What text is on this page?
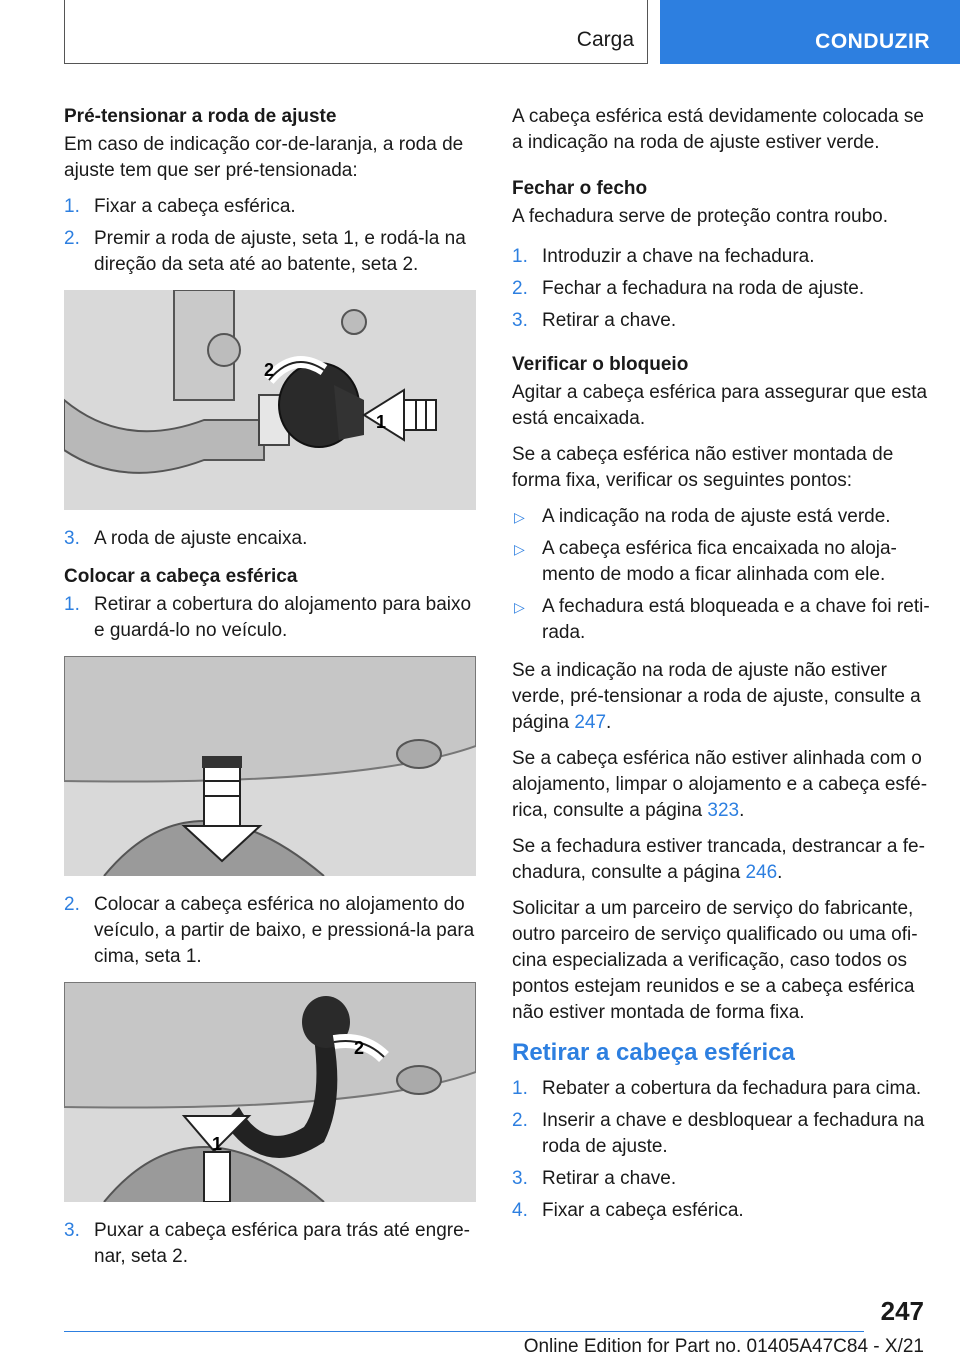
Carga	CONDUZIR
Pré‑tensionar a roda de ajuste
Em caso de indicação cor-de-laranja, a roda de ajuste tem que ser pré-tensionada:
1. Fixar a cabeça esférica.
2. Premir a roda de ajuste, seta 1, e rodá-la na direção da seta até ao batente, seta 2.
2
1
3. A roda de ajuste encaixa.
Colocar a cabeça esférica
1. Retirar a cobertura do alojamento para baixo e guardá-lo no veículo.
2. Colocar a cabeça esférica no alojamento do veículo, a partir de baixo, e pressioná-la para cima, seta 1.
2
1
3. Puxar a cabeça esférica para trás até engre- nar, seta 2.
A cabeça esférica está devidamente colocada se a indicação na roda de ajuste estiver verde.
Fechar o fecho
A fechadura serve de proteção contra roubo.
1. Introduzir a chave na fechadura.
2. Fechar a fechadura na roda de ajuste.
3. Retirar a chave.
Verificar o bloqueio
Agitar a cabeça esférica para assegurar que esta está encaixada.
Se a cabeça esférica não estiver montada de forma fixa, verificar os seguintes pontos:
▷ A indicação na roda de ajuste está verde.
▷ A cabeça esférica fica encaixada no aloja- mento de modo a ficar alinhada com ele.
▷ A fechadura está bloqueada e a chave foi reti- rada.
Se a indicação na roda de ajuste não estiver verde, pré-tensionar a roda de ajuste, consulte a página 247.
Se a cabeça esférica não estiver alinhada com o alojamento, limpar o alojamento e a cabeça esfé- rica, consulte a página 323.
Se a fechadura estiver trancada, destrancar a fe- chadura, consulte a página 246.
Solicitar a um parceiro de serviço do fabricante, outro parceiro de serviço qualificado ou uma ofi- cina especializada a verificação, caso todos os pontos estejam reunidos e se a cabeça esférica não estiver montada de forma fixa.
Retirar a cabeça esférica
1. Rebater a cobertura da fechadura para cima.
2. Inserir a chave e desbloquear a fechadura na roda de ajuste.
3. Retirar a chave.
4. Fixar a cabeça esférica.
247
Online Edition for Part no. 01405A47C84 - X/21
